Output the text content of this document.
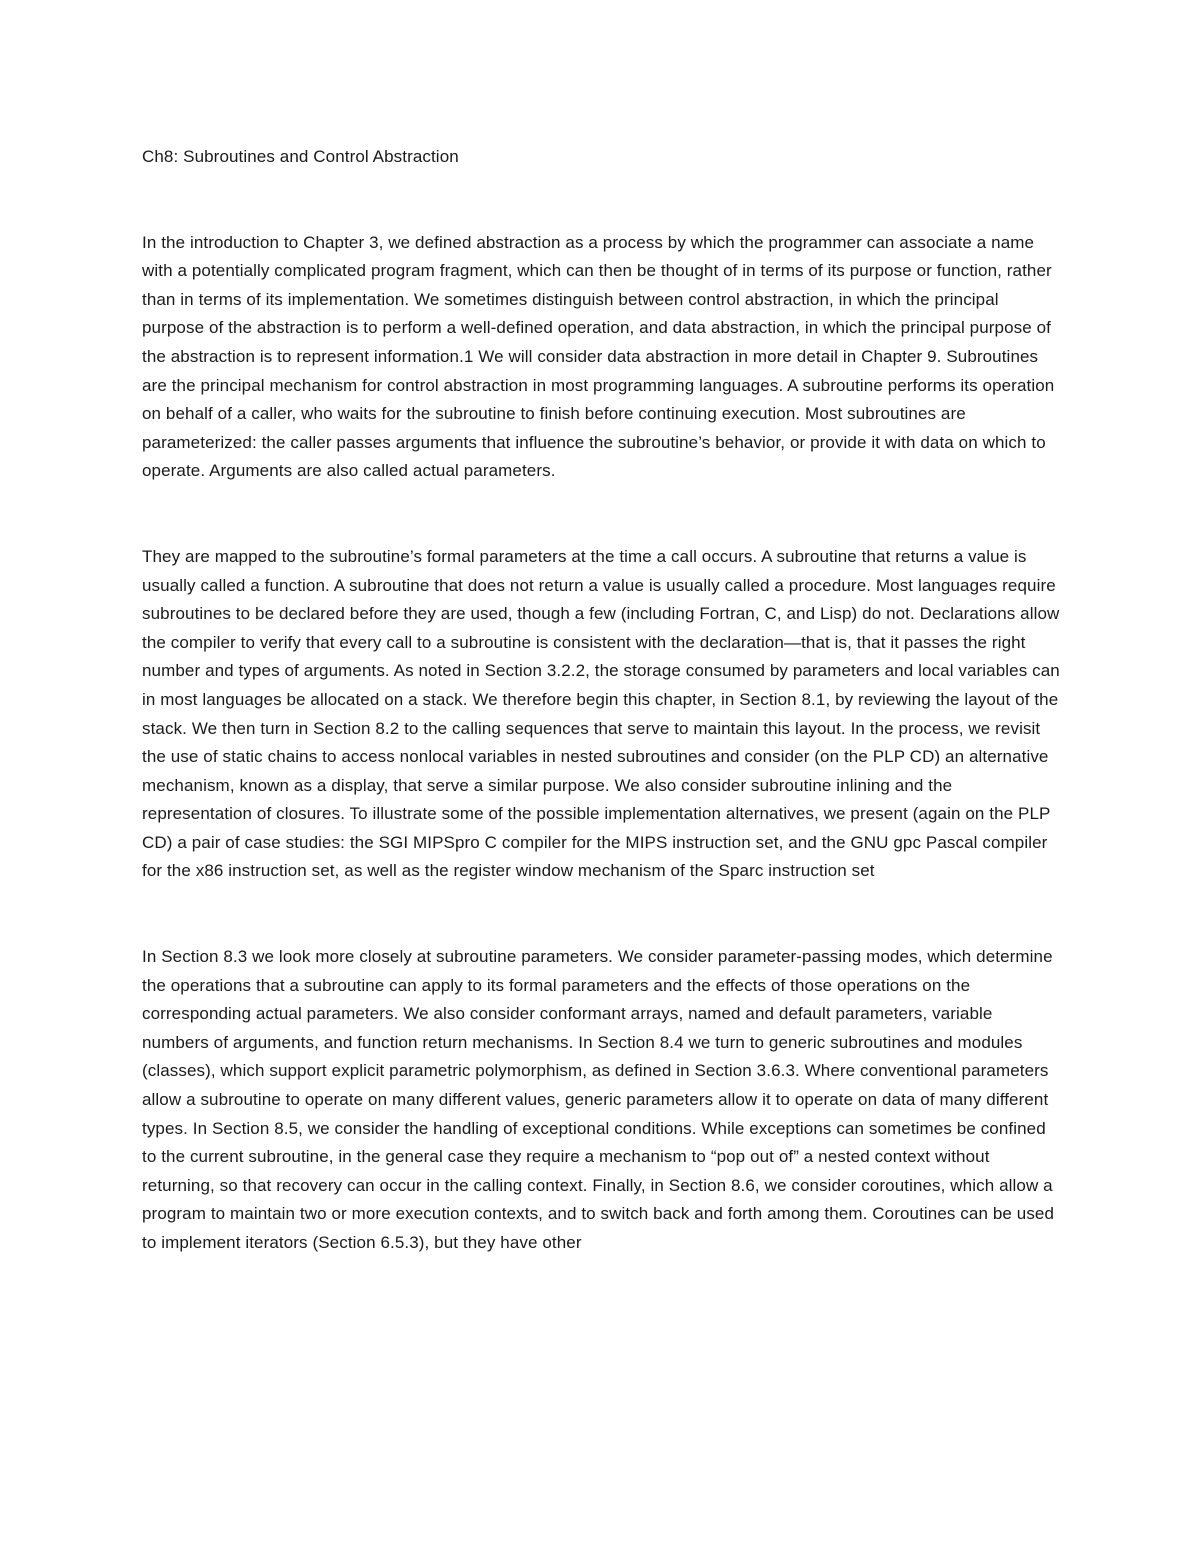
Ch8: Subroutines and Control Abstraction

In the introduction to Chapter 3, we defined abstraction as a process by which the programmer can associate a name with a potentially complicated program fragment, which can then be thought of in terms of its purpose or function, rather than in terms of its implementation. We sometimes distinguish between control abstraction, in which the principal purpose of the abstraction is to perform a well-defined operation, and data abstraction, in which the principal purpose of the abstraction is to represent information.1 We will consider data abstraction in more detail in Chapter 9. Subroutines are the principal mechanism for control abstraction in most programming languages. A subroutine performs its operation on behalf of a caller, who waits for the subroutine to finish before continuing execution. Most subroutines are parameterized: the caller passes arguments that influence the subroutine’s behavior, or provide it with data on which to operate. Arguments are also called actual parameters.

They are mapped to the subroutine’s formal parameters at the time a call occurs. A subroutine that returns a value is usually called a function. A subroutine that does not return a value is usually called a procedure. Most languages require subroutines to be declared before they are used, though a few (including Fortran, C, and Lisp) do not. Declarations allow the compiler to verify that every call to a subroutine is consistent with the declaration—that is, that it passes the right number and types of arguments. As noted in Section 3.2.2, the storage consumed by parameters and local variables can in most languages be allocated on a stack. We therefore begin this chapter, in Section 8.1, by reviewing the layout of the stack. We then turn in Section 8.2 to the calling sequences that serve to maintain this layout. In the process, we revisit the use of static chains to access nonlocal variables in nested subroutines and consider (on the PLP CD) an alternative mechanism, known as a display, that serve a similar purpose. We also consider subroutine inlining and the representation of closures. To illustrate some of the possible implementation alternatives, we present (again on the PLP CD) a pair of case studies: the SGI MIPSpro C compiler for the MIPS instruction set, and the GNU gpc Pascal compiler for the x86 instruction set, as well as the register window mechanism of the Sparc instruction set

In Section 8.3 we look more closely at subroutine parameters. We consider parameter-passing modes, which determine the operations that a subroutine can apply to its formal parameters and the effects of those operations on the corresponding actual parameters. We also consider conformant arrays, named and default parameters, variable numbers of arguments, and function return mechanisms. In Section 8.4 we turn to generic subroutines and modules (classes), which support explicit parametric polymorphism, as defined in Section 3.6.3. Where conventional parameters allow a subroutine to operate on many different values, generic parameters allow it to operate on data of many different types. In Section 8.5, we consider the handling of exceptional conditions. While exceptions can sometimes be confined to the current subroutine, in the general case they require a mechanism to “pop out of” a nested context without returning, so that recovery can occur in the calling context. Finally, in Section 8.6, we consider coroutines, which allow a program to maintain two or more execution contexts, and to switch back and forth among them. Coroutines can be used to implement iterators (Section 6.5.3), but they have other
